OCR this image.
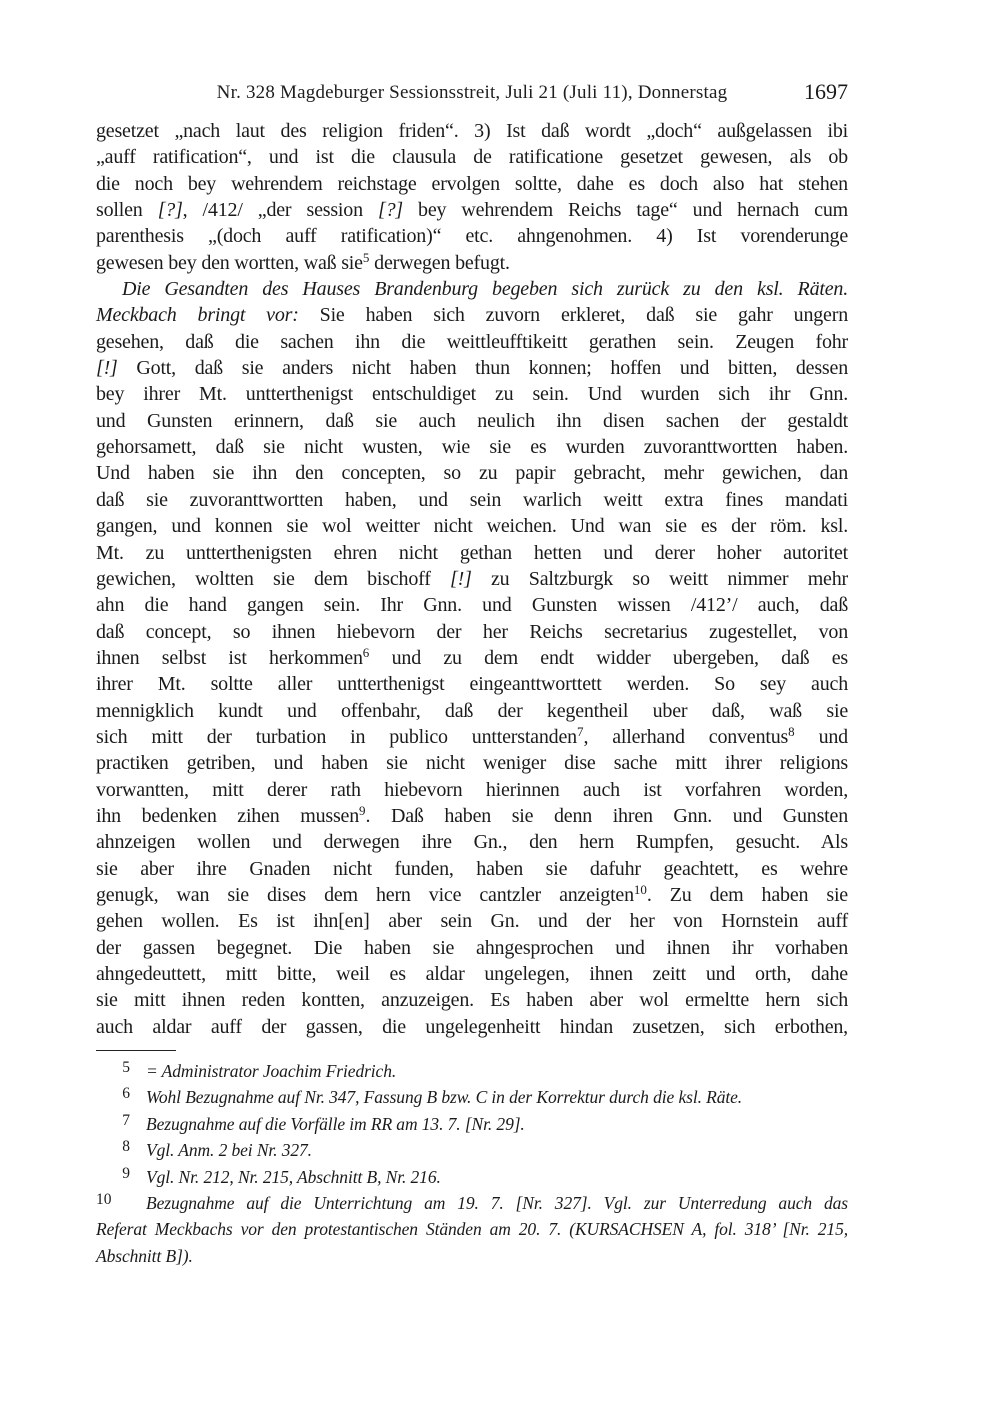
Nr. 328 Magdeburger Sessionsstreit, Juli 21 (Juli 11), Donnerstag	1697
gesetzet „nach laut des religion friden“. 3) Ist daß wordt „doch“ außgelassen ibi
„auff ratification“, und ist die clausula de ratificatione gesetzet gewesen, als ob
die noch bey wehrendem reichstage ervolgen soltte, dahe es doch also hat stehen
sollen [?], /412/ „der session [?] bey wehrendem Reichs tage“ und hernach cum
parenthesis „(doch auff ratification)“ etc. ahngenohmen. 4) Ist vorenderunge
gewesen bey den wortten, waß sie$^5$ derwegen befugt.
Die Gesandten des Hauses Brandenburg begeben sich zurück zu den ksl. Räten.
Meckbach bringt vor: Sie haben sich zuvorn erkleret, daß sie gahr ungern
gesehen, daß die sachen ihn die weittleufftikeitt gerathen sein. Zeugen fohr
[!] Gott, daß sie anders nicht haben thun konnen; hoffen und bitten, dessen
bey ihrer Mt. untterthenigst entschuldiget zu sein. Und wurden sich ihr Gnn.
und Gunsten erinnern, daß sie auch neulich ihn disen sachen der gestaldt
gehorsamett, daß sie nicht wusten, wie sie es wurden zuvoranttwortten haben.
Und haben sie ihn den concepten, so zu papir gebracht, mehr gewichen, dan
daß sie zuvoranttwortten haben, und sein warlich weitt extra fines mandati
gangen, und konnen sie wol weitter nicht weichen. Und wan sie es der röm. ksl.
Mt. zu untterthenigsten ehren nicht gethan hetten und derer hoher autoritet
gewichen, woltten sie dem bischoff [!] zu Saltzburgk so weitt nimmer mehr
ahn die hand gangen sein. Ihr Gnn. und Gunsten wissen /412’/ auch, daß
daß concept, so ihnen hiebevorn der her Reichs secretarius zugestellet, von
ihnen selbst ist herkommen$^6$ und zu dem endt widder ubergeben, daß es
ihrer Mt. soltte aller untterthenigst eingeanttworttett werden. So sey auch
mennigklich kundt und offenbahr, daß der kegentheil uber daß, waß sie
sich mitt der turbation in publico untterstanden$^7$, allerhand conventus$^8$ und
practiken getriben, und haben sie nicht weniger dise sache mitt ihrer religions
vorwantten, mitt derer rath hiebevorn hierinnen auch ist vorfahren worden,
ihn bedenken zihen mussen$^9$. Daß haben sie denn ihren Gnn. und Gunsten
ahnzeigen wollen und derwegen ihre Gn., den hern Rumpfen, gesucht. Als
sie aber ihre Gnaden nicht funden, haben sie dafuhr geachtett, es wehre
genugk, wan sie dises dem hern vice cantzler anzeigten$^{10}$. Zu dem haben sie
gehen wollen. Es ist ihn[en] aber sein Gn. und der her von Hornstein auff
der gassen begegnet. Die haben sie ahngesprochen und ihnen ihr vorhaben
ahngedeuttett, mitt bitte, weil es aldar ungelegen, ihnen zeitt und orth, dahe
sie mitt ihnen reden kontten, anzuzeigen. Es haben aber wol ermeltte hern sich
auch aldar auff der gassen, die ungelegenheitt hindan zusetzen, sich erbothen,
5 = Administrator Joachim Friedrich.
6 Wohl Bezugnahme auf Nr. 347, Fassung B bzw. C in der Korrektur durch die ksl. Räte.
7 Bezugnahme auf die Vorfälle im RR am 13. 7. [Nr. 29].
8 Vgl. Anm. 2 bei Nr. 327.
9 Vgl. Nr. 212, Nr. 215, Abschnitt B, Nr. 216.
10 Bezugnahme auf die Unterrichtung am 19. 7. [Nr. 327]. Vgl. zur Unterredung auch das
Referat Meckbachs vor den protestantischen Ständen am 20. 7. (KURSACHSEN A, fol. 318’ [Nr. 215,
Abschnitt B]).
